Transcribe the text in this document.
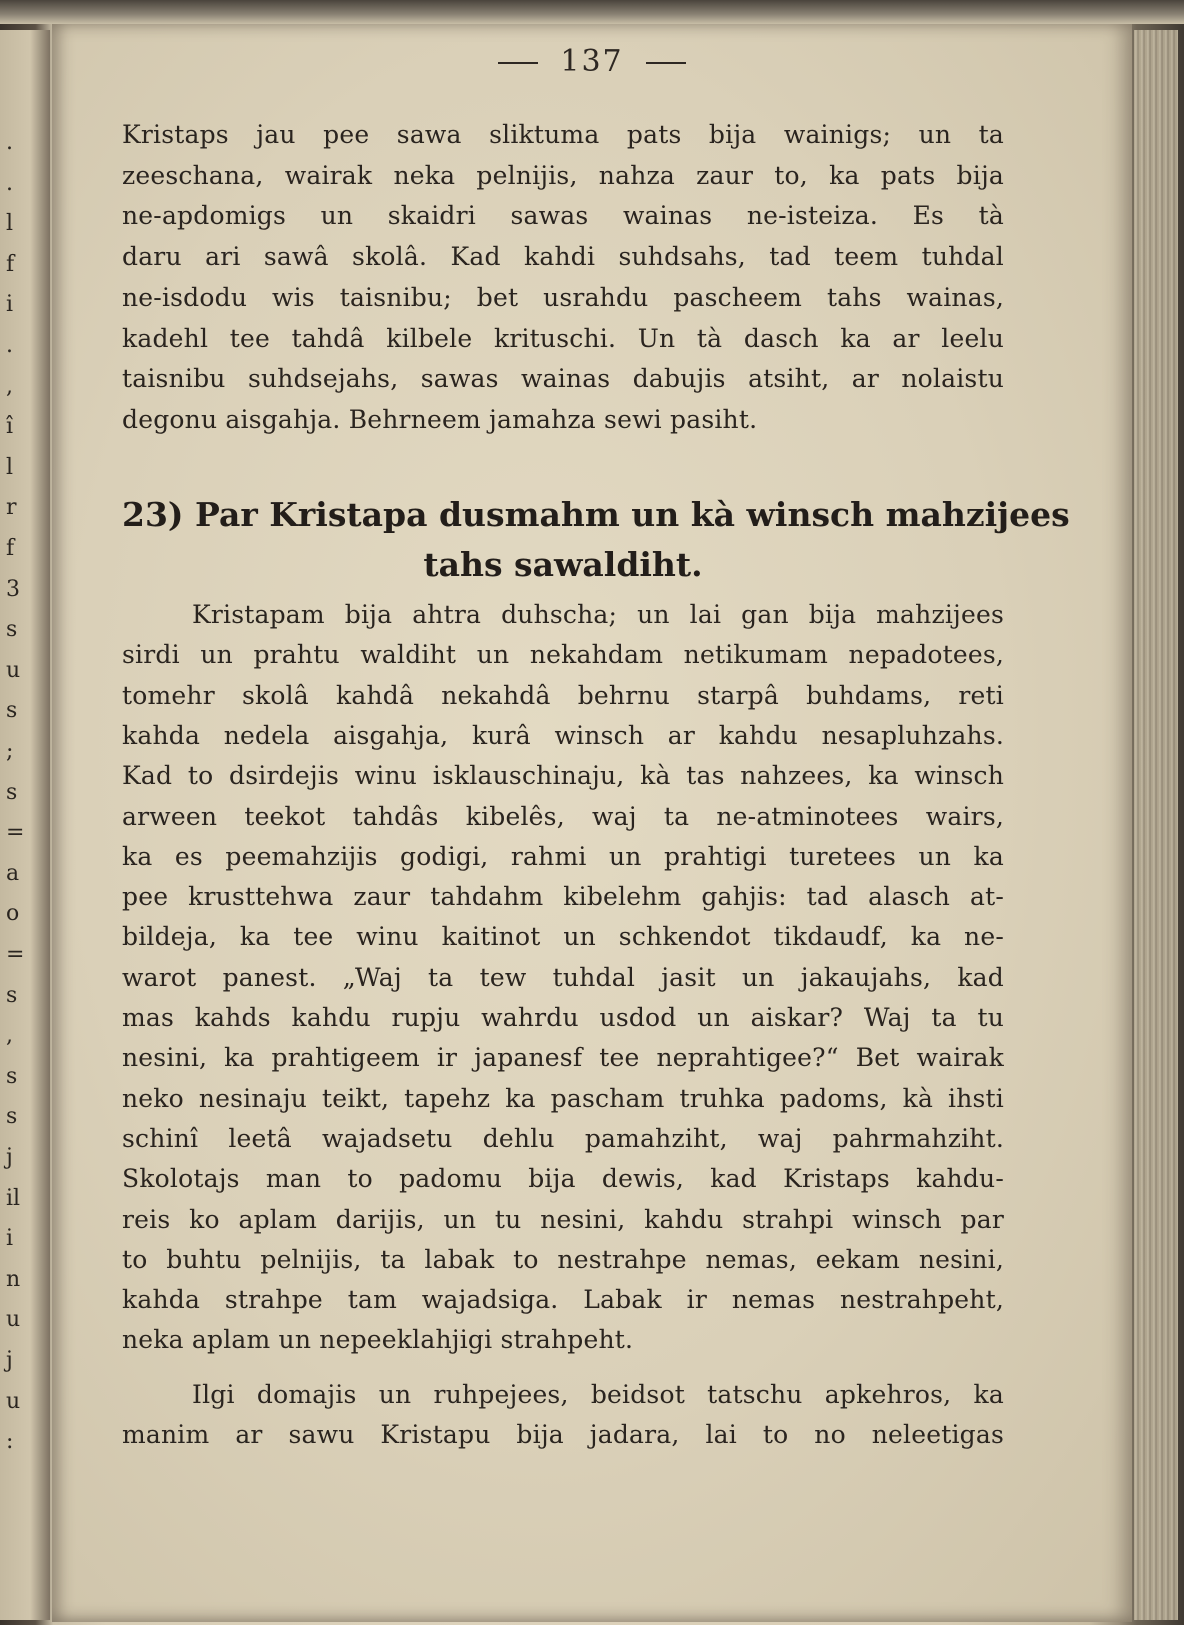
.
.
l
f
i
.
,
î
l
r
f
3
s
u
s
;
s
=
a
o
=
s
,
s
s
j
il
i
n
u
j
u
:
137
Kristaps jau pee sawa sliktuma pats bija wainigs; un ta
zeeschana, wairak neka pelnijis, nahza zaur to, ka pats bija
ne-apdomigs un skaidri sawas wainas ne-isteiza. Es tà
daru ari sawâ skolâ. Kad kahdi suhdsahs, tad teem tuhdal
ne-isdodu wis taisnibu; bet usrahdu pascheem tahs wainas,
kadehl tee tahdâ kilbele krituschi. Un tà dasch ka ar leelu
taisnibu suhdsejahs, sawas wainas dabujis atsiht, ar nolaistu
degonu aisgahja. Behrneem jamahza sewi pasiht.
23) Par Kristapa dusmahm un kà winsch mahzijees
tahs sawaldiht.
Kristapam bija ahtra duhscha; un lai gan bija mahzijees
sirdi un prahtu waldiht un nekahdam netikumam nepadotees,
tomehr skolâ kahdâ nekahdâ behrnu starpâ buhdams, reti
kahda nedela aisgahja, kurâ winsch ar kahdu nesapluhzahs.
Kad to dsirdejis winu isklauschinaju, kà tas nahzees, ka winsch
arween teekot tahdâs kibelês, waj ta ne-atminotees wairs,
ka es peemahzijis godigi, rahmi un prahtigi turetees un ka
pee krusttehwa zaur tahdahm kibelehm gahjis: tad alasch at-
bildeja, ka tee winu kaitinot un schkendot tikdaudf, ka ne-
warot panest. „Waj ta tew tuhdal jasit un jakaujahs, kad
mas kahds kahdu rupju wahrdu usdod un aiskar? Waj ta tu
nesini, ka prahtigeem ir japanesf tee neprahtigee?“ Bet wairak
neko nesinaju teikt, tapehz ka pascham truhka padoms, kà ihsti
schinî leetâ wajadsetu dehlu pamahziht, waj pahrmahziht.
Skolotajs man to padomu bija dewis, kad Kristaps kahdu-
reis ko aplam darijis, un tu nesini, kahdu strahpi winsch par
to buhtu pelnijis, ta labak to nestrahpe nemas, eekam nesini,
kahda strahpe tam wajadsiga. Labak ir nemas nestrahpeht,
neka aplam un nepeeklahjigi strahpeht.
Ilgi domajis un ruhpejees, beidsot tatschu apkehros, ka
manim ar sawu Kristapu bija jadara, lai to no neleetigas
